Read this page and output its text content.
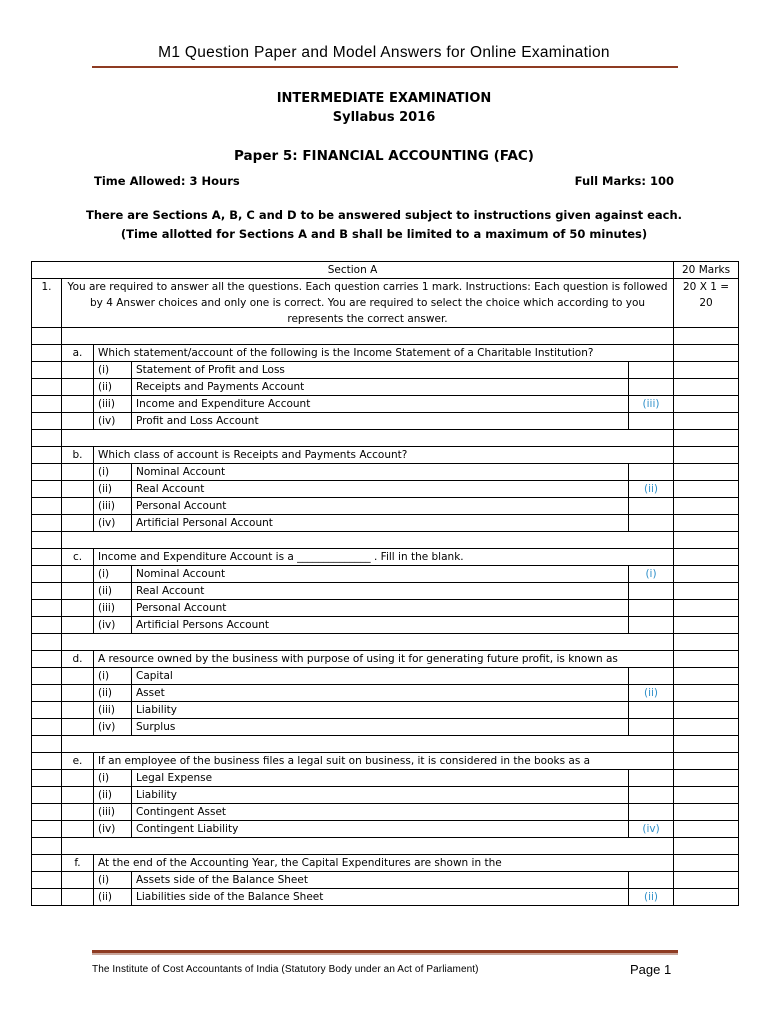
M1 Question Paper and Model Answers for Online Examination
INTERMEDIATE EXAMINATION
Syllabus 2016
Paper 5: FINANCIAL ACCOUNTING (FAC)
Time Allowed: 3 Hours	Full Marks: 100
There are Sections A, B, C and D to be answered subject to instructions given against each.
(Time allotted for Sections A and B shall be limited to a maximum of 50 minutes)
Section A					20 Marks
1.	You are required to answer all the questions. Each question carries 1 mark. Instructions: Each question is followed by 4 Answer choices and only one is correct. You are required to select the choice which according to you represents the correct answer.				20 X 1 = 20

	a.	Which statement/account of the following is the Income Statement of a Charitable Institution?			
		(i)	Statement of Profit and Loss		
		(ii)	Receipts and Payments Account		
		(iii)	Income and Expenditure Account	(iii)	
		(iv)	Profit and Loss Account		

	b.	Which class of account is Receipts and Payments Account?			
		(i)	Nominal Account		
		(ii)	Real Account	(ii)	
		(iii)	Personal Account		
		(iv)	Artificial Personal Account		

	c.	Income and Expenditure Account is a ______________ . Fill in the blank.			
		(i)	Nominal Account	(i)	
		(ii)	Real Account		
		(iii)	Personal Account		
		(iv)	Artificial Persons Account		

	d.	A resource owned by the business with purpose of using it for generating future profit, is known as			
		(i)	Capital		
		(ii)	Asset	(ii)	
		(iii)	Liability		
		(iv)	Surplus		

	e.	If an employee of the business files a legal suit on business, it is considered in the books as a			
		(i)	Legal Expense		
		(ii)	Liability		
		(iii)	Contingent Asset		
		(iv)	Contingent Liability	(iv)	

	f.	At the end of the Accounting Year, the Capital Expenditures are shown in the			
		(i)	Assets side of the Balance Sheet		
		(ii)	Liabilities side of the Balance Sheet	(ii)	
The Institute of Cost Accountants of India (Statutory Body under an Act of Parliament)	Page 1
